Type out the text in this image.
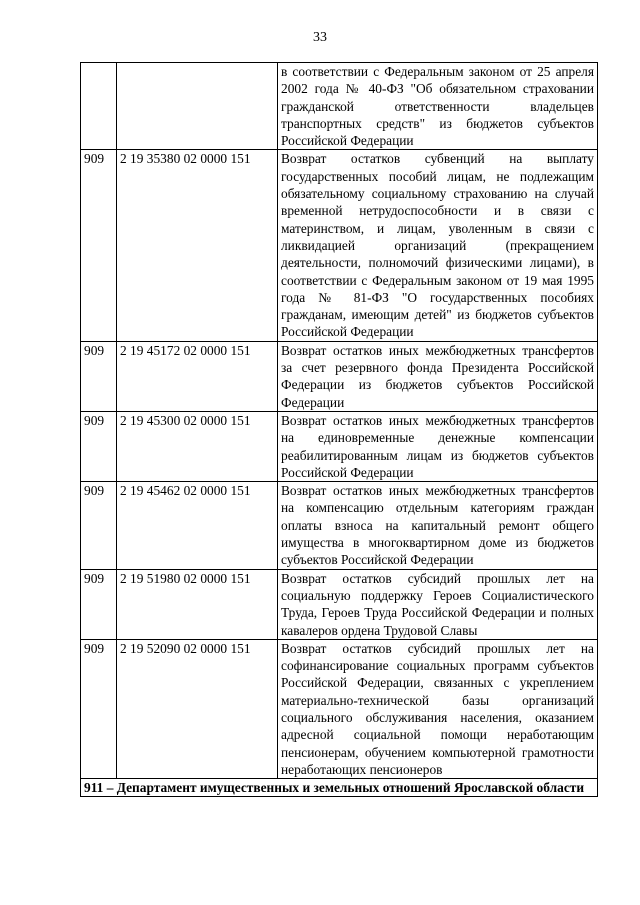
33
		в соответствии с Федеральным законом от 25 апреля 2002 года № 40-ФЗ "Об обязательном страховании гражданской ответственности владельцев транспортных средств" из бюджетов субъектов Российской Федерации
909	2 19 35380 02 0000 151	Возврат остатков субвенций на выплату государственных пособий лицам, не подлежащим обязательному социальному страхованию на случай временной нетрудоспособности и в связи с материнством, и лицам, уволенным в связи с ликвидацией организаций (прекращением деятельности, полномочий физическими лицами), в соответствии с Федеральным законом от 19 мая 1995 года № 81-ФЗ "О государственных пособиях гражданам, имеющим детей" из бюджетов субъектов Российской Федерации
909	2 19 45172 02 0000 151	Возврат остатков иных межбюджетных трансфертов за счет резервного фонда Президента Российской Федерации из бюджетов субъектов Российской Федерации
909	2 19 45300 02 0000 151	Возврат остатков иных межбюджетных трансфертов на единовременные денежные компенсации реабилитированным лицам из бюджетов субъектов Российской Федерации
909	2 19 45462 02 0000 151	Возврат остатков иных межбюджетных трансфертов на компенсацию отдельным категориям граждан оплаты взноса на капитальный ремонт общего имущества в многоквартирном доме из бюджетов субъектов Российской Федерации
909	2 19 51980 02 0000 151	Возврат остатков субсидий прошлых лет на социальную поддержку Героев Социалистического Труда, Героев Труда Российской Федерации и полных кавалеров ордена Трудовой Славы
909	2 19 52090 02 0000 151	Возврат остатков субсидий прошлых лет на софинансирование социальных программ субъектов Российской Федерации, связанных с укреплением материально-технической базы организаций социального обслуживания населения, оказанием адресной социальной помощи неработающим пенсионерам, обучением компьютерной грамотности неработающих пенсионеров
911 – Департамент имущественных и земельных отношений Ярославской области		
